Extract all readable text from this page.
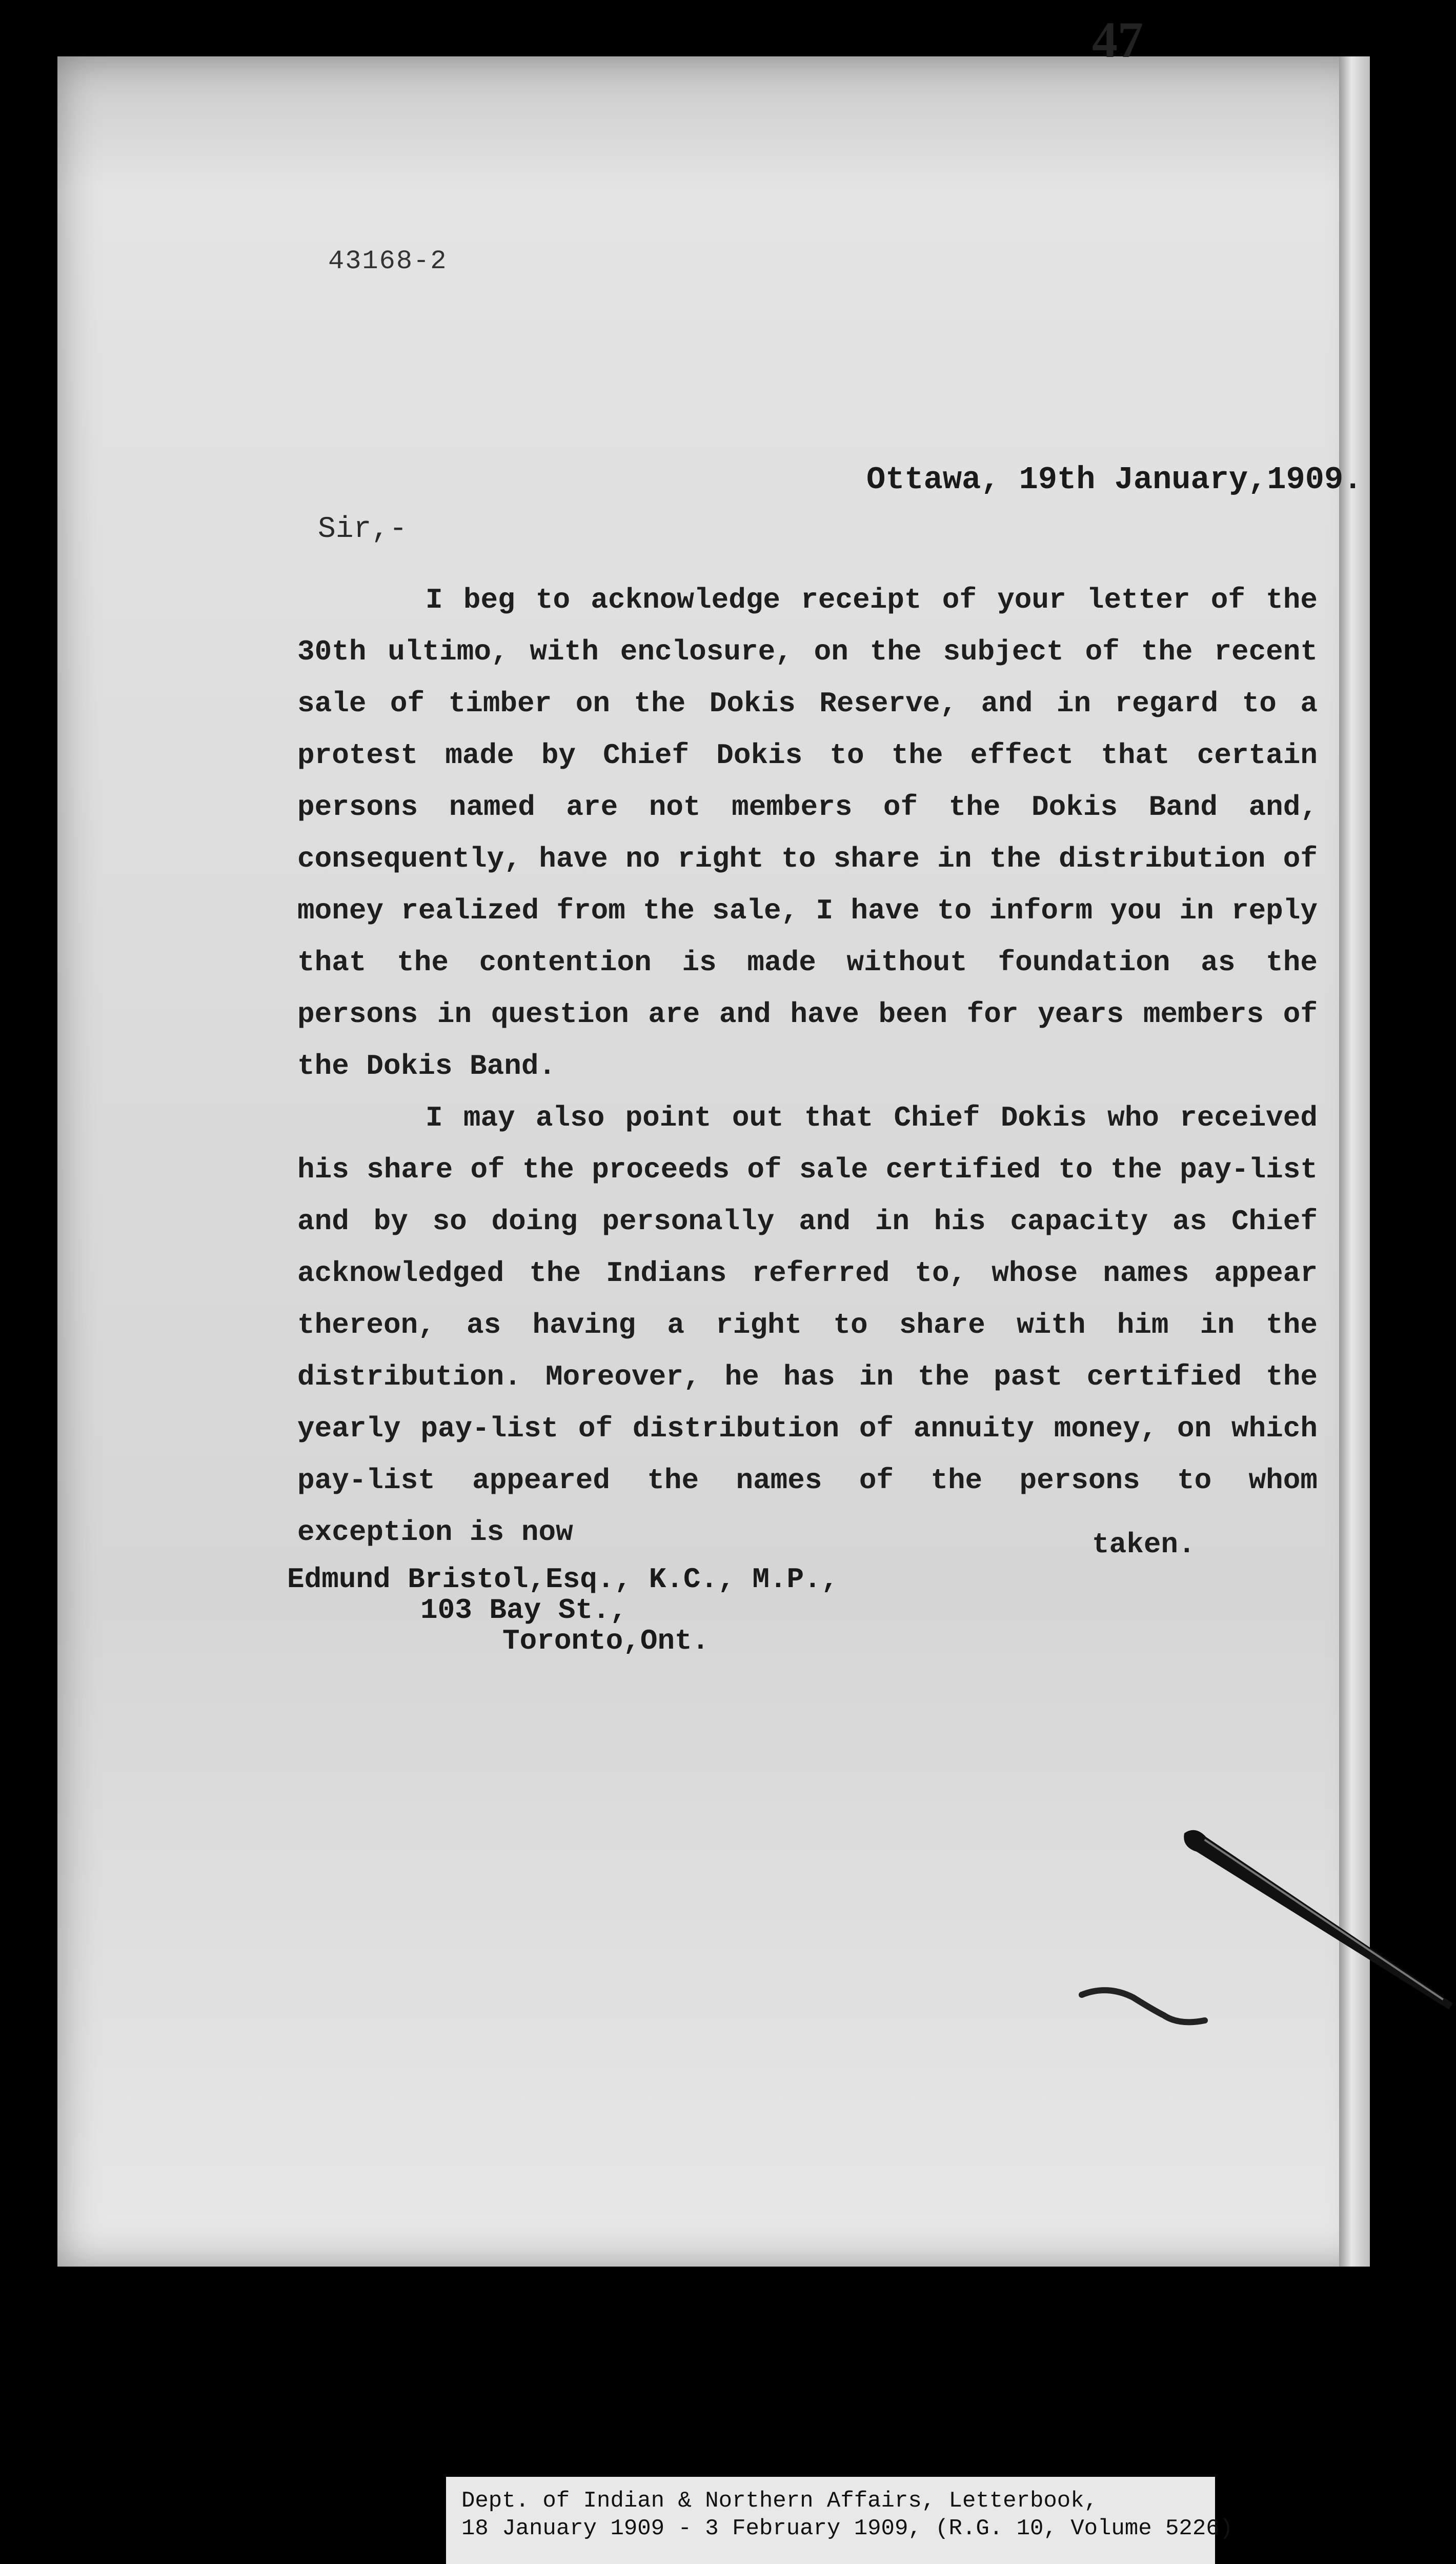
47
43168-2
Ottawa, 19th January,1909.
Sir,-

I beg to acknowledge receipt of your letter of the 30th ultimo, with enclosure, on the subject of the recent sale of timber on the Dokis Reserve, and in regard to a protest made by Chief Dokis to the effect that certain persons named are not members of the Dokis Band and, consequently, have no right to share in the distribution of money realized from the sale, I have to inform you in reply that the contention is made without foundation as the persons in question are and have been for years members of the Dokis Band.

I may also point out that Chief Dokis who received his share of the proceeds of sale certified to the pay-list and by so doing personally and in his capacity as Chief acknowledged the Indians referred to, whose names appear thereon, as having a right to share with him in the distribution. Moreover, he has in the past certified the yearly pay-list of distribution of annuity money, on which pay-list appeared the names of the persons to whom exception is now	taken.
Edmund Bristol,Esq., K.C., M.P.,
103 Bay St.,
Toronto,Ont.
Dept. of Indian & Northern Affairs, Letterbook,
18 January 1909 - 3 February 1909, (R.G. 10, Volume 5226)
